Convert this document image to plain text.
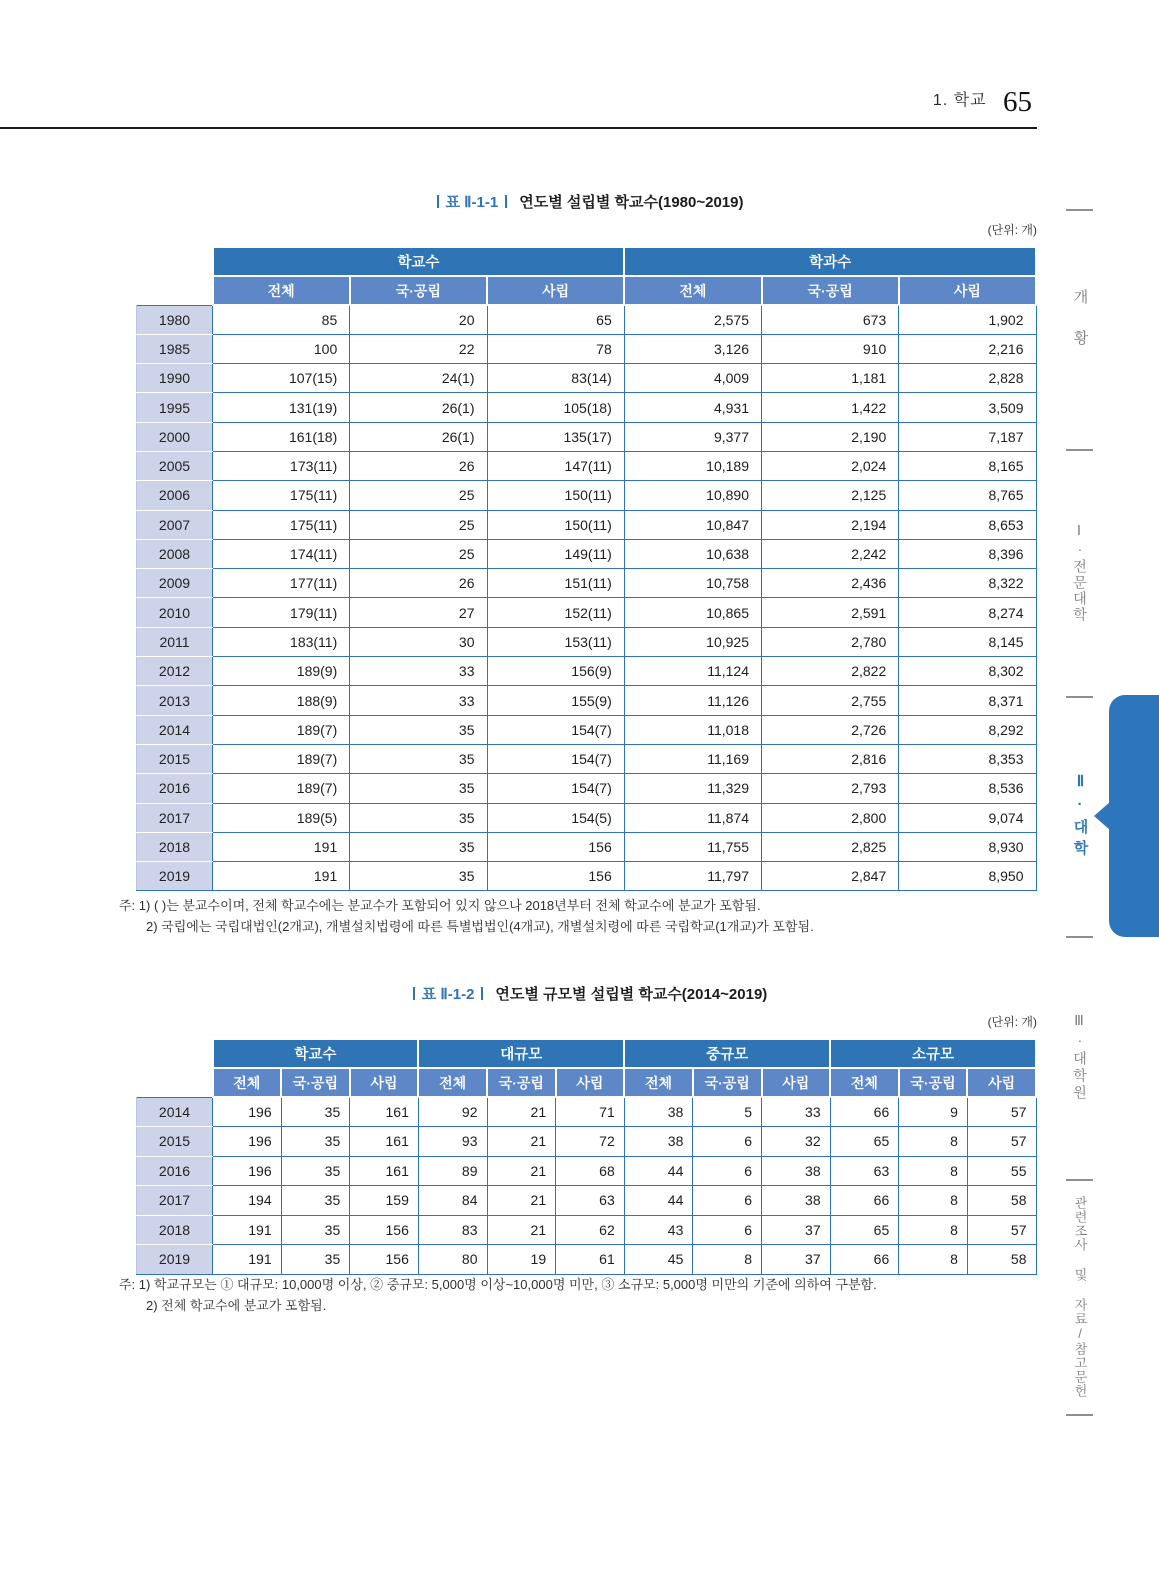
1. 학교 65
표 Ⅱ-1-1 연도별 설립별 학교수(1980~2019)
(단위: 개)
	학교수			학과수		
	전체	국·공립	사립	전체	국·공립	사립
1980	85	20	65	2,575	673	1,902
1985	100	22	78	3,126	910	2,216
1990	107(15)	24(1)	83(14)	4,009	1,181	2,828
1995	131(19)	26(1)	105(18)	4,931	1,422	3,509
2000	161(18)	26(1)	135(17)	9,377	2,190	7,187
2005	173(11)	26	147(11)	10,189	2,024	8,165
2006	175(11)	25	150(11)	10,890	2,125	8,765
2007	175(11)	25	150(11)	10,847	2,194	8,653
2008	174(11)	25	149(11)	10,638	2,242	8,396
2009	177(11)	26	151(11)	10,758	2,436	8,322
2010	179(11)	27	152(11)	10,865	2,591	8,274
2011	183(11)	30	153(11)	10,925	2,780	8,145
2012	189(9)	33	156(9)	11,124	2,822	8,302
2013	188(9)	33	155(9)	11,126	2,755	8,371
2014	189(7)	35	154(7)	11,018	2,726	8,292
2015	189(7)	35	154(7)	11,169	2,816	8,353
2016	189(7)	35	154(7)	11,329	2,793	8,536
2017	189(5)	35	154(5)	11,874	2,800	9,074
2018	191	35	156	11,755	2,825	8,930
2019	191	35	156	11,797	2,847	8,950
주: 1) ( )는 분교수이며, 전체 학교수에는 분교수가 포함되어 있지 않으나 2018년부터 전체 학교수에 분교가 포함됨.
2) 국립에는 국립대법인(2개교), 개별설치법령에 따른 특별법법인(4개교), 개별설치령에 따른 국립학교(1개교)가 포함됨.
표 Ⅱ-1-2 연도별 규모별 설립별 학교수(2014~2019)
(단위: 개)
	학교수			대규모			중규모			소규모		
	전체	국·공립	사립	전체	국·공립	사립	전체	국·공립	사립	전체	국·공립	사립
2014	196	35	161	92	21	71	38	5	33	66	9	57
2015	196	35	161	93	21	72	38	6	32	65	8	57
2016	196	35	161	89	21	68	44	6	38	63	8	55
2017	194	35	159	84	21	63	44	6	38	66	8	58
2018	191	35	156	83	21	62	43	6	37	65	8	57
2019	191	35	156	80	19	61	45	8	37	66	8	58
주: 1) 학교규모는 ① 대규모: 10,000명 이상, ② 중규모: 5,000명 이상~10,000명 미만, ③ 소규모: 5,000명 미만의 기준에 의하여 구분함.
2) 전체 학교수에 분교가 포함됨.
개황
Ⅰ·전문대학
Ⅱ·대학
Ⅲ·대학원
관련조사 및 자료/참고문헌
